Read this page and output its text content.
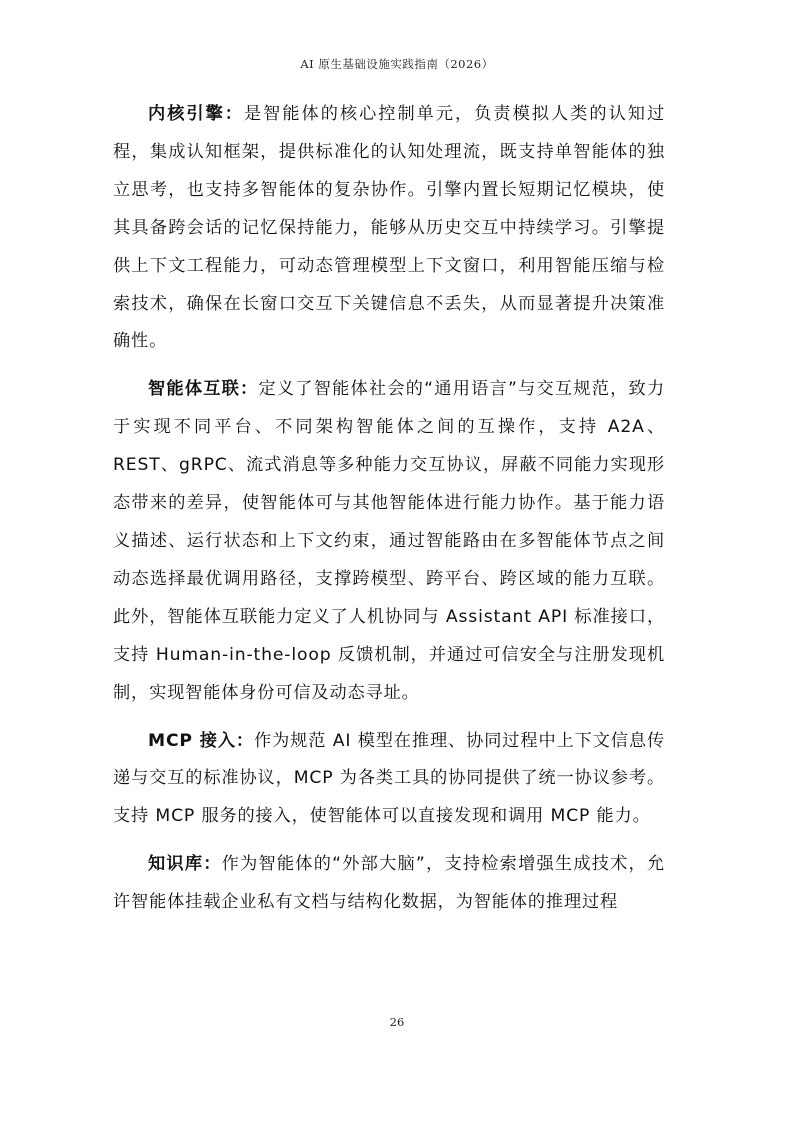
AI 原生基础设施实践指南（2026）

内核引擎：是智能体的核心控制单元，负责模拟人类的认知过程，集成认知框架，提供标准化的认知处理流，既支持单智能体的独立思考，也支持多智能体的复杂协作。引擎内置长短期记忆模块，使其具备跨会话的记忆保持能力，能够从历史交互中持续学习。引擎提供上下文工程能力，可动态管理模型上下文窗口，利用智能压缩与检索技术，确保在长窗口交互下关键信息不丢失，从而显著提升决策准确性。

智能体互联：定义了智能体社会的“通用语言”与交互规范，致力于实现不同平台、不同架构智能体之间的互操作，支持 A2A、REST、gRPC、流式消息等多种能力交互协议，屏蔽不同能力实现形态带来的差异，使智能体可与其他智能体进行能力协作。基于能力语义描述、运行状态和上下文约束，通过智能路由在多智能体节点之间动态选择最优调用路径，支撑跨模型、跨平台、跨区域的能力互联。此外，智能体互联能力定义了人机协同与 Assistant API 标准接口，支持 Human-in-the-loop 反馈机制，并通过可信安全与注册发现机制，实现智能体身份可信及动态寻址。

MCP 接入：作为规范 AI 模型在推理、协同过程中上下文信息传递与交互的标准协议，MCP 为各类工具的协同提供了统一协议参考。支持 MCP 服务的接入，使智能体可以直接发现和调用 MCP 能力。

知识库：作为智能体的“外部大脑”，支持检索增强生成技术，允许智能体挂载企业私有文档与结构化数据，为智能体的推理过程

26
